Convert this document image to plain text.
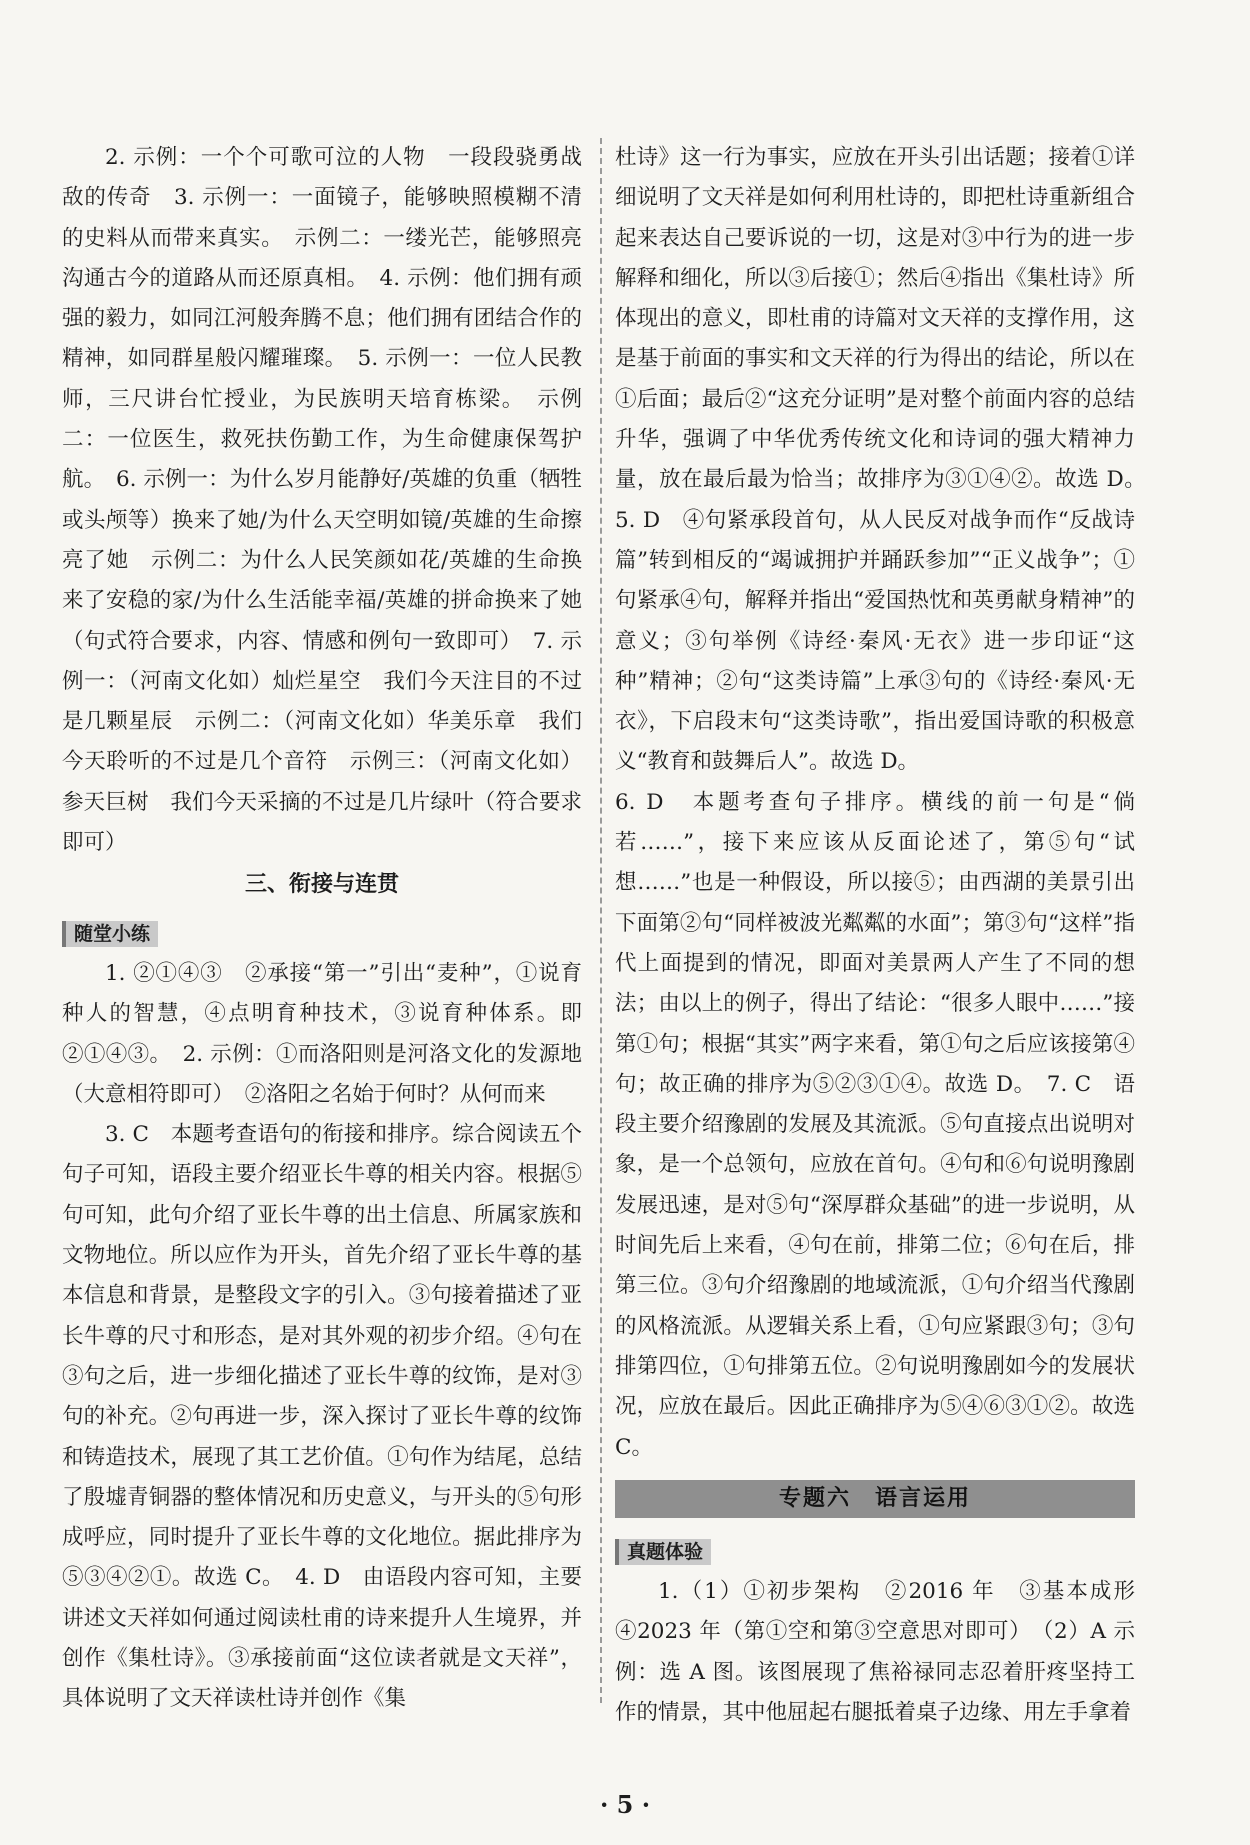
2. 示例：一个个可歌可泣的人物　一段段骁勇战敌的传奇　3. 示例一：一面镜子，能够映照模糊不清的史料从而带来真实。　示例二：一缕光芒，能够照亮沟通古今的道路从而还原真相。　4. 示例：他们拥有顽强的毅力，如同江河般奔腾不息；他们拥有团结合作的精神，如同群星般闪耀璀璨。　5. 示例一：一位人民教师，三尺讲台忙授业，为民族明天培育栋梁。　示例二：一位医生，救死扶伤勤工作，为生命健康保驾护航。　6. 示例一：为什么岁月能静好/英雄的负重（牺牲或头颅等）换来了她/为什么天空明如镜/英雄的生命擦亮了她　示例二：为什么人民笑颜如花/英雄的生命换来了安稳的家/为什么生活能幸福/英雄的拼命换来了她（句式符合要求，内容、情感和例句一致即可）　7. 示例一：（河南文化如）灿烂星空　我们今天注目的不过是几颗星辰　示例二：（河南文化如）华美乐章　我们今天聆听的不过是几个音符　示例三：（河南文化如）参天巨树　我们今天采摘的不过是几片绿叶（符合要求即可）

三、衔接与连贯
随堂小练

1. ②①④③　②承接“第一”引出“麦种”，①说育种人的智慧，④点明育种技术，③说育种体系。即②①④③。　2. 示例：①而洛阳则是河洛文化的发源地（大意相符即可）　②洛阳之名始于何时？从何而来

3. C　本题考查语句的衔接和排序。综合阅读五个句子可知，语段主要介绍亚长牛尊的相关内容。根据⑤句可知，此句介绍了亚长牛尊的出土信息、所属家族和文物地位。所以应作为开头，首先介绍了亚长牛尊的基本信息和背景，是整段文字的引入。③句接着描述了亚长牛尊的尺寸和形态，是对其外观的初步介绍。④句在③句之后，进一步细化描述了亚长牛尊的纹饰，是对③句的补充。②句再进一步，深入探讨了亚长牛尊的纹饰和铸造技术，展现了其工艺价值。①句作为结尾，总结了殷墟青铜器的整体情况和历史意义，与开头的⑤句形成呼应，同时提升了亚长牛尊的文化地位。据此排序为⑤③④②①。故选 C。　4. D　由语段内容可知，主要讲述文天祥如何通过阅读杜甫的诗来提升人生境界，并创作《集杜诗》。③承接前面“这位读者就是文天祥”，具体说明了文天祥读杜诗并创作《集

杜诗》这一行为事实，应放在开头引出话题；接着①详细说明了文天祥是如何利用杜诗的，即把杜诗重新组合起来表达自己要诉说的一切，这是对③中行为的进一步解释和细化，所以③后接①；然后④指出《集杜诗》所体现出的意义，即杜甫的诗篇对文天祥的支撑作用，这是基于前面的事实和文天祥的行为得出的结论，所以在①后面；最后②“这充分证明”是对整个前面内容的总结升华，强调了中华优秀传统文化和诗词的强大精神力量，放在最后最为恰当；故排序为③①④②。故选 D。　5. D　④句紧承段首句，从人民反对战争而作“反战诗篇”转到相反的“竭诚拥护并踊跃参加”“正义战争”；①句紧承④句，解释并指出“爱国热忱和英勇献身精神”的意义；③句举例《诗经·秦风·无衣》进一步印证“这种”精神；②句“这类诗篇”上承③句的《诗经·秦风·无衣》，下启段末句“这类诗歌”，指出爱国诗歌的积极意义“教育和鼓舞后人”。故选 D。

6. D　本题考查句子排序。横线的前一句是“倘若……”，接下来应该从反面论述了，第⑤句“试想……”也是一种假设，所以接⑤；由西湖的美景引出下面第②句“同样被波光粼粼的水面”；第③句“这样”指代上面提到的情况，即面对美景两人产生了不同的想法；由以上的例子，得出了结论：“很多人眼中……”接第①句；根据“其实”两字来看，第①句之后应该接第④句；故正确的排序为⑤②③①④。故选 D。　7. C　语段主要介绍豫剧的发展及其流派。⑤句直接点出说明对象，是一个总领句，应放在首句。④句和⑥句说明豫剧发展迅速，是对⑤句“深厚群众基础”的进一步说明，从时间先后上来看，④句在前，排第二位；⑥句在后，排第三位。③句介绍豫剧的地域流派，①句介绍当代豫剧的风格流派。从逻辑关系上看，①句应紧跟③句；③句排第四位，①句排第五位。②句说明豫剧如今的发展状况，应放在最后。因此正确排序为⑤④⑥③①②。故选 C。

专题六　语言运用
真题体验

1.（1）①初步架构　②2016 年　③基本成形　④2023 年（第①空和第③空意思对即可）　（2）A 示例：选 A 图。该图展现了焦裕禄同志忍着肝疼坚持工作的情景，其中他屈起右腿抵着桌子边缘、用左手拿着

· 5 ·
